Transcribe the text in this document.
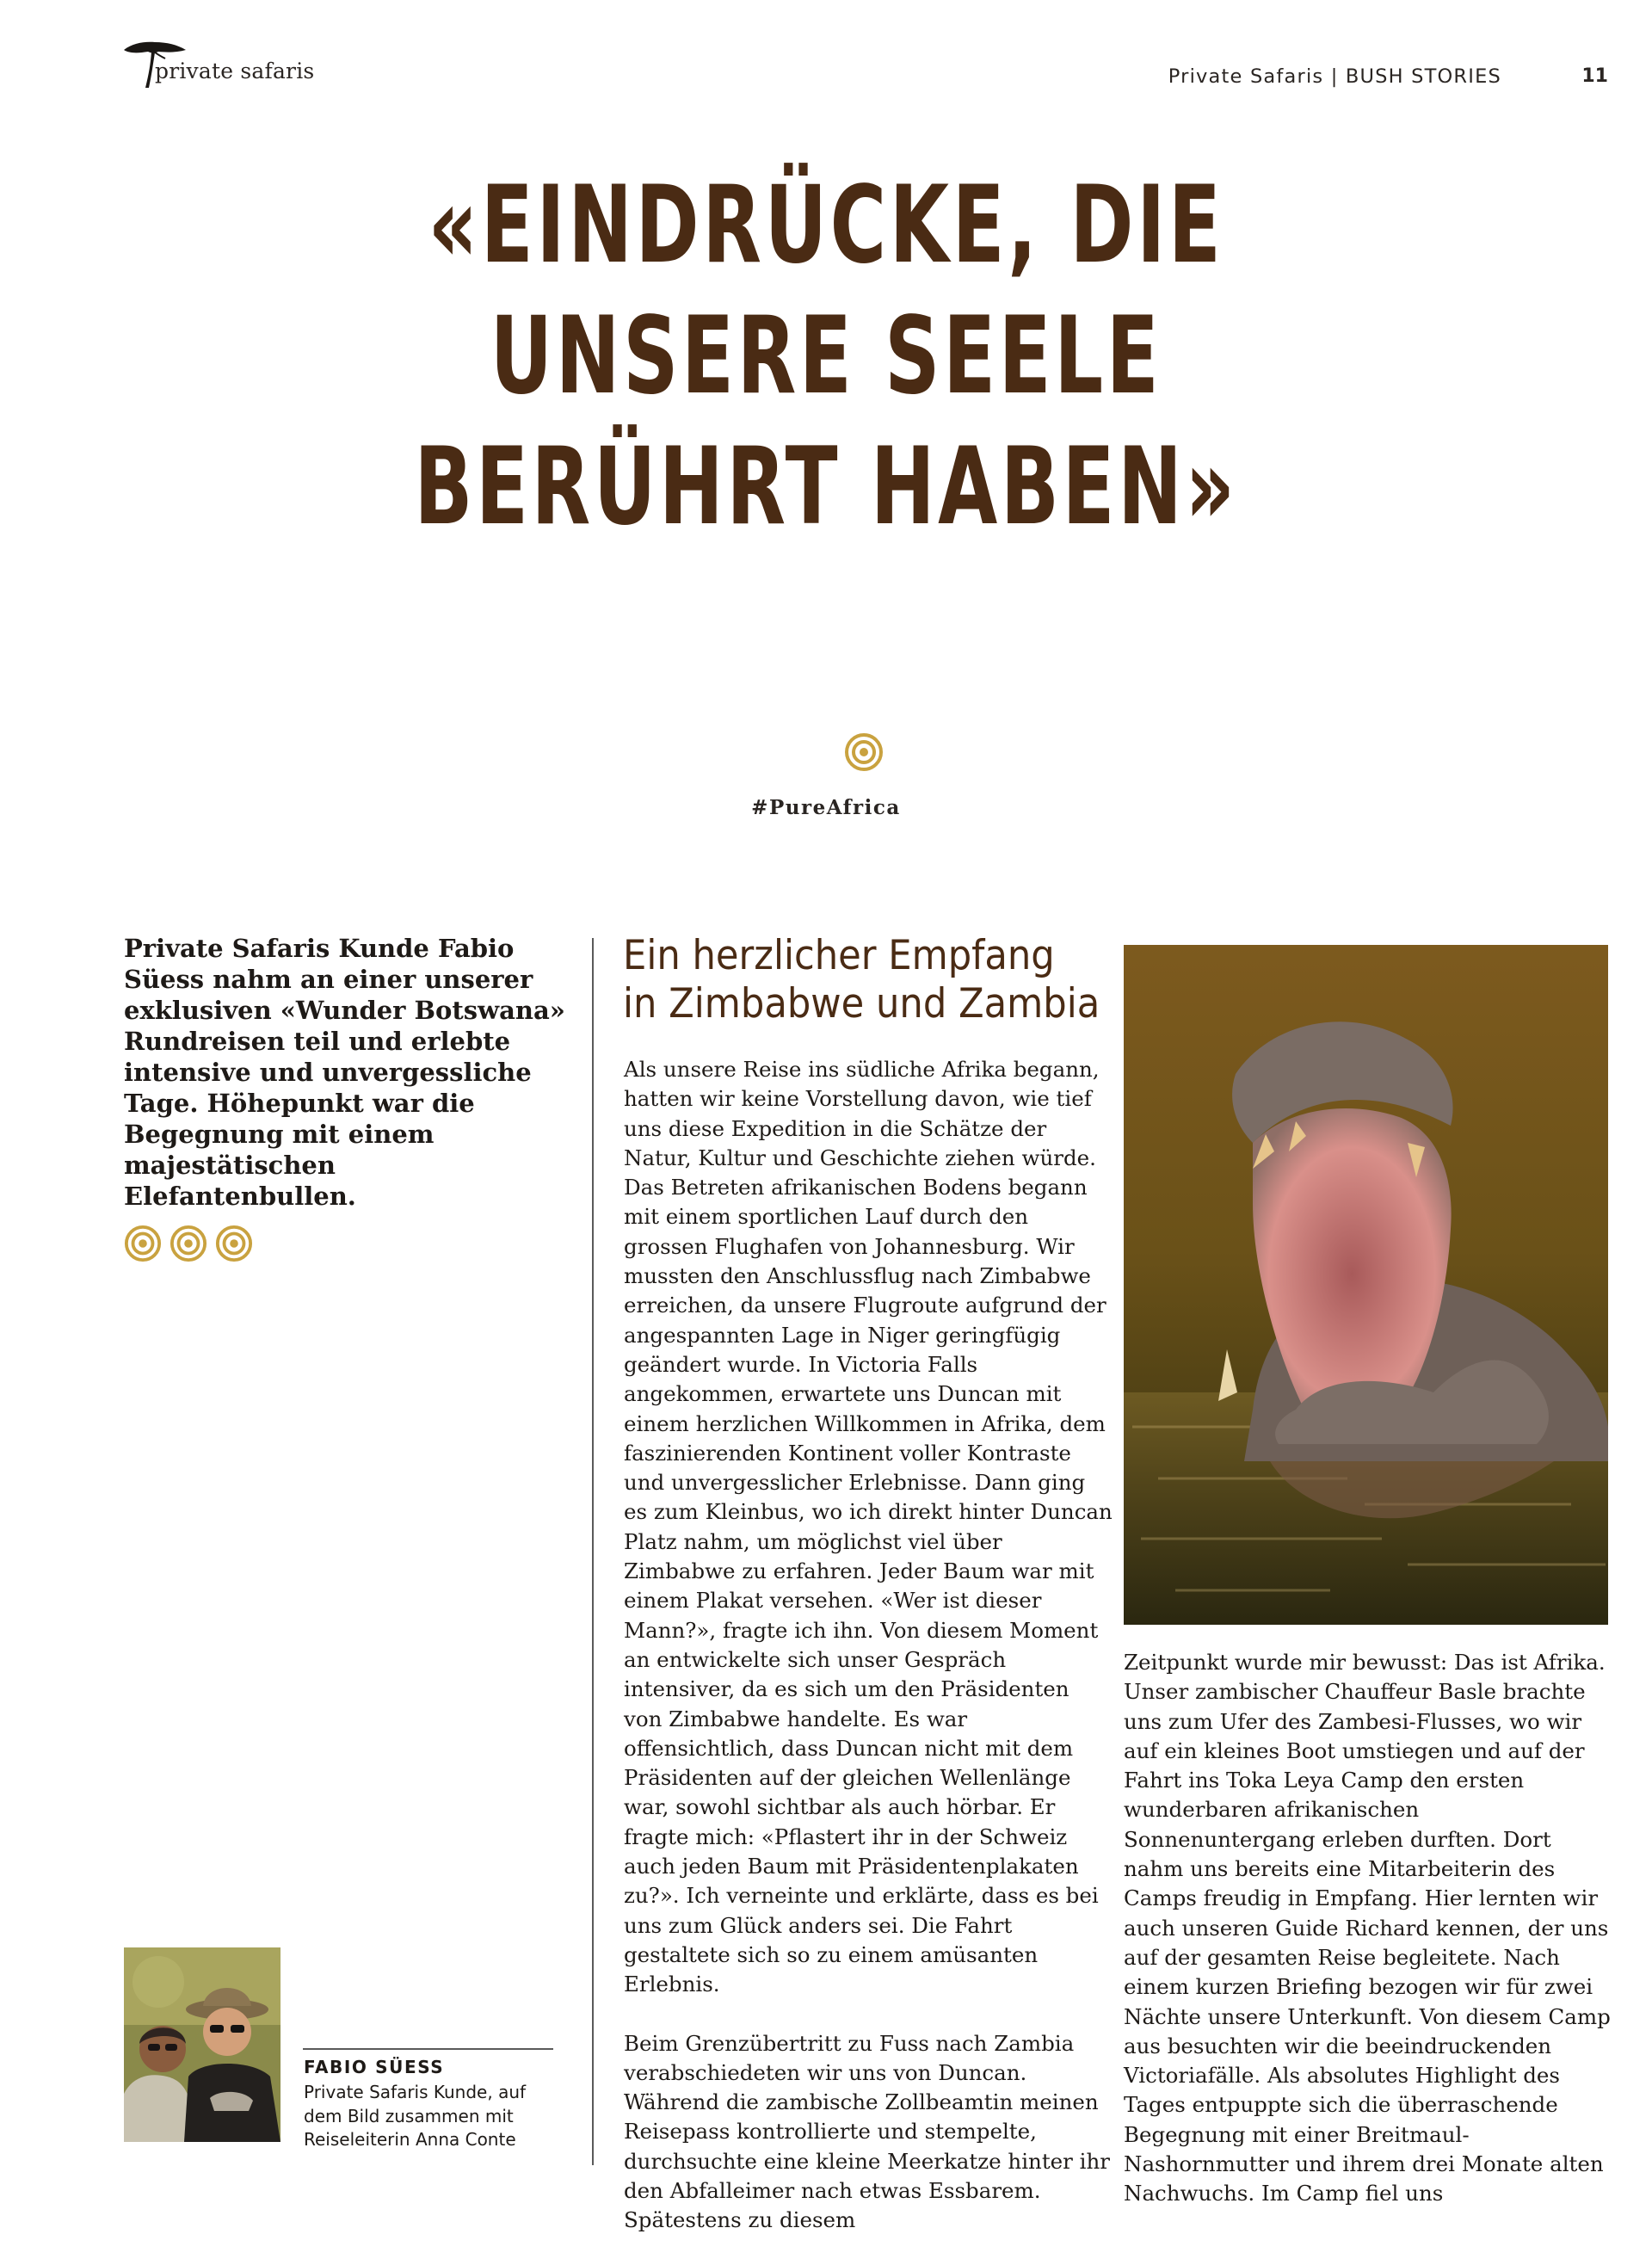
private safaris	Private Safaris | BUSH STORIES	11
«EINDRÜCKE, DIE
UNSERE SEELE
BERÜHRT HABEN»
#PureAfrica
Private Safaris Kunde Fabio Süess nahm an einer unserer exklusiven «Wunder Botswana» Rundreisen teil und erlebte intensive und unvergessliche Tage. Höhepunkt war die Begegnung mit einem majestätischen Elefantenbullen.
Ein herzlicher Empfang
in Zimbabwe und Zambia

Als unsere Reise ins südliche Afrika begann, hatten wir keine Vorstellung davon, wie tief uns diese Expedition in die Schätze der Natur, Kultur und Geschichte ziehen würde. Das Betreten afrikanischen Bodens begann mit einem sportlichen Lauf durch den grossen Flughafen von Johannesburg. Wir mussten den Anschlussflug nach Zimbabwe erreichen, da unsere Flugroute aufgrund der angespannten Lage in Niger geringfügig geändert wurde. In Victoria Falls angekommen, erwartete uns Duncan mit einem herzlichen Willkommen in Afrika, dem faszinierenden Kontinent voller Kontraste und unvergesslicher Erlebnisse. Dann ging es zum Kleinbus, wo ich direkt hinter Duncan Platz nahm, um möglichst viel über Zimbabwe zu erfahren. Jeder Baum war mit einem Plakat versehen. «Wer ist dieser Mann?», fragte ich ihn. Von diesem Moment an entwickelte sich unser Gespräch intensiver, da es sich um den Präsidenten von Zimbabwe handelte. Es war offensichtlich, dass Duncan nicht mit dem Präsidenten auf der gleichen Wellenlänge war, sowohl sichtbar als auch hörbar. Er fragte mich: «Pflastert ihr in der Schweiz auch jeden Baum mit Präsidentenplakaten zu?». Ich verneinte und erklärte, dass es bei uns zum Glück anders sei. Die Fahrt gestaltete sich so zu einem amüsanten Erlebnis.

Beim Grenzübertritt zu Fuss nach Zambia verabschiedeten wir uns von Duncan. Während die zambische Zollbeamtin meinen Reisepass kontrollierte und stempelte, durchsuchte eine kleine Meerkatze hinter ihr den Abfalleimer nach etwas Essbarem. Spätestens zu diesem

Zeitpunkt wurde mir bewusst: Das ist Afrika. Unser zambischer Chauffeur Basle brachte uns zum Ufer des Zambesi-Flusses, wo wir auf ein kleines Boot umstiegen und auf der Fahrt ins Toka Leya Camp den ersten wunderbaren afrikanischen Sonnenuntergang erleben durften. Dort nahm uns bereits eine Mitarbeiterin des Camps freudig in Empfang. Hier lernten wir auch unseren Guide Richard kennen, der uns auf der gesamten Reise begleitete. Nach einem kurzen Briefing bezogen wir für zwei Nächte unsere Unterkunft. Von diesem Camp aus besuchten wir die beeindruckenden Victoriafälle. Als absolutes Highlight des Tages entpuppte sich die überraschende Begegnung mit einer Breitmaul-Nashornmutter und ihrem drei Monate alten Nachwuchs. Im Camp fiel uns

FABIO SÜESS
Private Safaris Kunde, auf dem Bild zusammen mit Reiseleiterin Anna Conte
